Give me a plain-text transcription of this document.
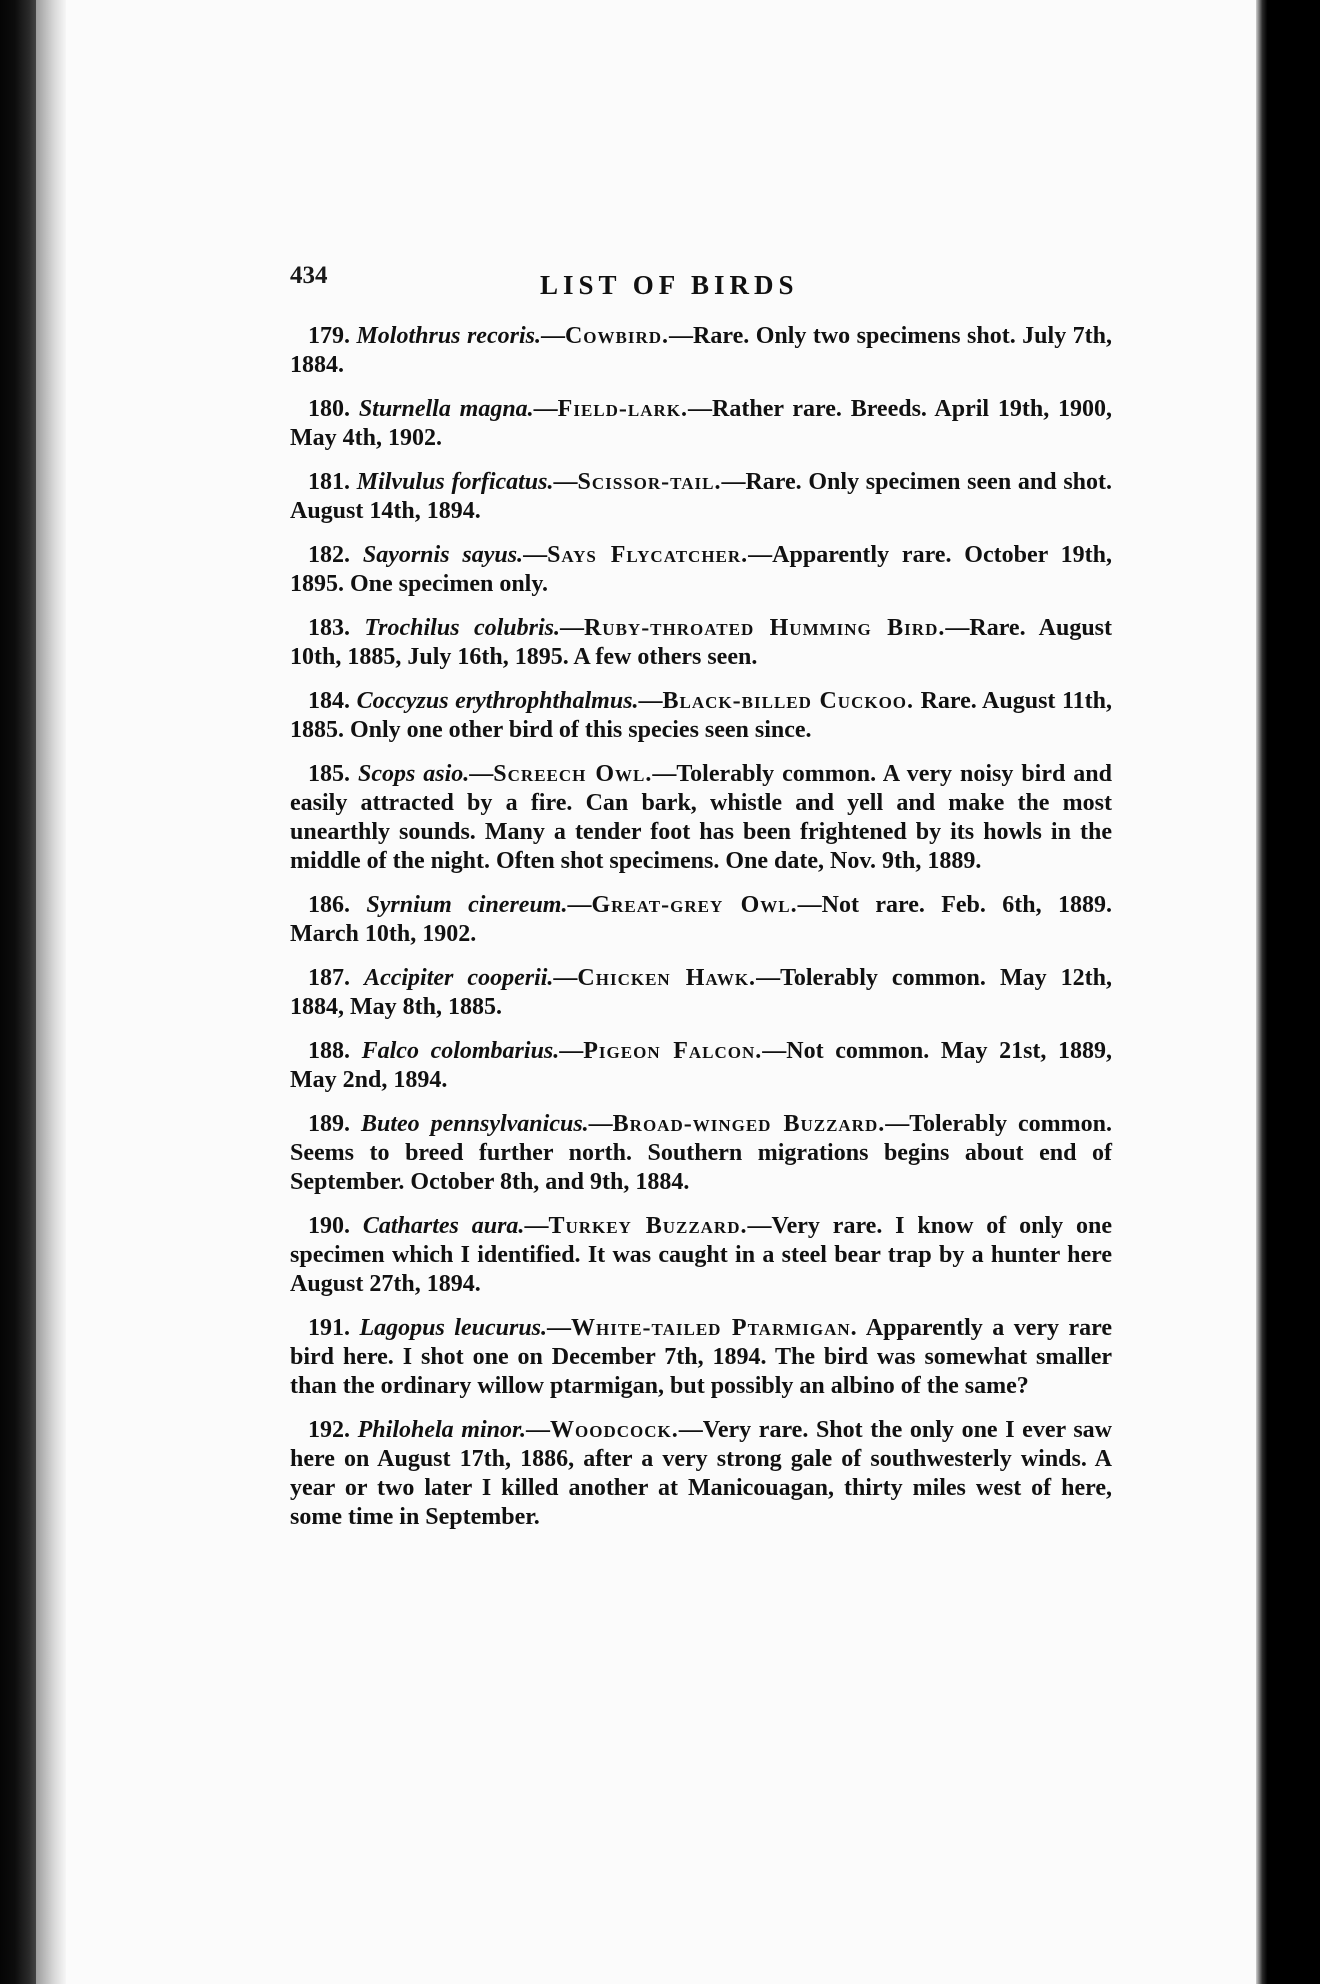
434	LIST OF BIRDS

179. Molothrus recoris.—Cowbird.—Rare. Only two specimens shot. July 7th, 1884.

180. Sturnella magna.—Field-lark.—Rather rare. Breeds. April 19th, 1900, May 4th, 1902.

181. Milvulus forficatus.—Scissor-tail.—Rare. Only specimen seen and shot. August 14th, 1894.

182. Sayornis sayus.—Says Flycatcher.—Apparently rare. October 19th, 1895. One specimen only.

183. Trochilus colubris.—Ruby-throated Humming Bird.—Rare. August 10th, 1885, July 16th, 1895. A few others seen.

184. Coccyzus erythrophthalmus.—Black-billed Cuckoo. Rare. August 11th, 1885. Only one other bird of this species seen since.

185. Scops asio.—Screech Owl.—Tolerably common. A very noisy bird and easily attracted by a fire. Can bark, whistle and yell and make the most unearthly sounds. Many a tender foot has been frightened by its howls in the middle of the night. Often shot specimens. One date, Nov. 9th, 1889.

186. Syrnium cinereum.—Great-grey Owl.—Not rare. Feb. 6th, 1889. March 10th, 1902.

187. Accipiter cooperii.—Chicken Hawk.—Tolerably common. May 12th, 1884, May 8th, 1885.

188. Falco colombarius.—Pigeon Falcon.—Not common. May 21st, 1889, May 2nd, 1894.

189. Buteo pennsylvanicus.—Broad-winged Buzzard.—Tolerably common. Seems to breed further north. Southern migrations begins about end of September. October 8th, and 9th, 1884.

190. Cathartes aura.—Turkey Buzzard.—Very rare. I know of only one specimen which I identified. It was caught in a steel bear trap by a hunter here August 27th, 1894.

191. Lagopus leucurus.—White-tailed Ptarmigan. Apparently a very rare bird here. I shot one on December 7th, 1894. The bird was somewhat smaller than the ordinary willow ptarmigan, but possibly an albino of the same?

192. Philohela minor.—Woodcock.—Very rare. Shot the only one I ever saw here on August 17th, 1886, after a very strong gale of southwesterly winds. A year or two later I killed another at Manicouagan, thirty miles west of here, some time in September.
